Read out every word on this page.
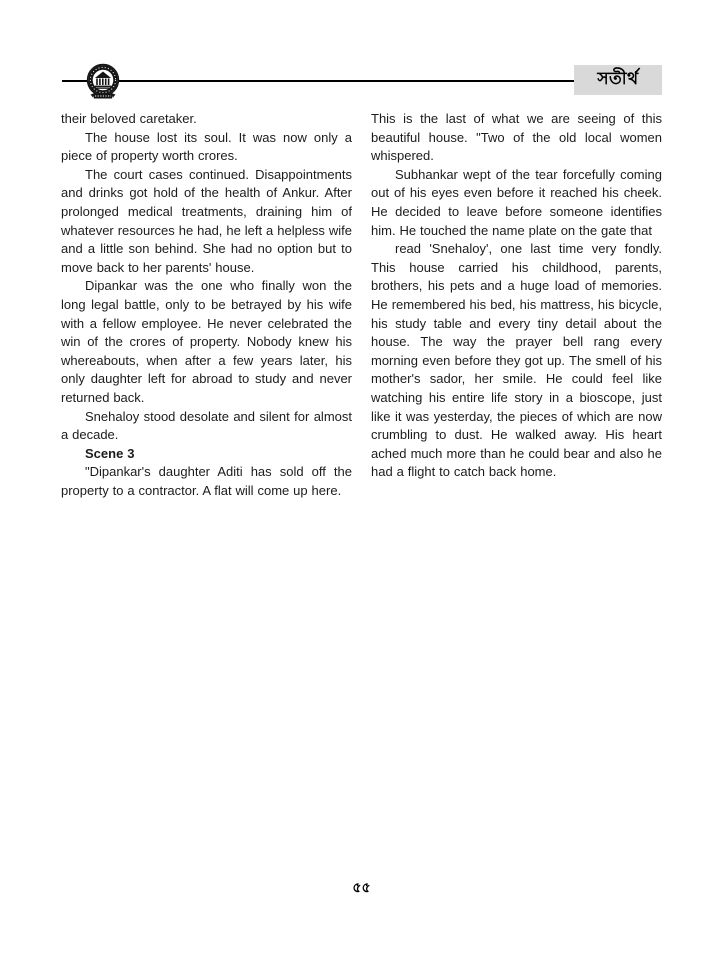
সতীর্থ

their beloved caretaker.

The house lost its soul. It was now only a piece of property worth crores.

The court cases continued. Disappointments and drinks got hold of the health of Ankur. After prolonged medical treatments, draining him of whatever resources he had, he left a helpless wife and a little son behind. She had no option but to move back to her parents' house.

Dipankar was the one who finally won the long legal battle, only to be betrayed by his wife with a fellow employee. He never celebrated the win of the crores of property. Nobody knew his whereabouts, when after a few years later, his only daughter left for abroad to study and never returned back.

Snehaloy stood desolate and silent for almost a decade.

Scene 3

"Dipankar's daughter Aditi has sold off the property to a contractor. A flat will come up here.

This is the last of what we are seeing of this beautiful house. "Two of the old local women whispered.

Subhankar wept of the tear forcefully coming out of his eyes even before it reached his cheek. He decided to leave before someone identifies him. He touched the name plate on the gate that

read 'Snehaloy', one last time very fondly. This house carried his childhood, parents, brothers, his pets and a huge load of memories. He remembered his bed, his mattress, his bicycle, his study table and every tiny detail about the house. The way the prayer bell rang every morning even before they got up. The smell of his mother's sador, her smile. He could feel like watching his entire life story in a bioscope, just like it was yesterday, the pieces of which are now crumbling to dust. He walked away. His heart ached much more than he could bear and also he had a flight to catch back home.

৫৫
